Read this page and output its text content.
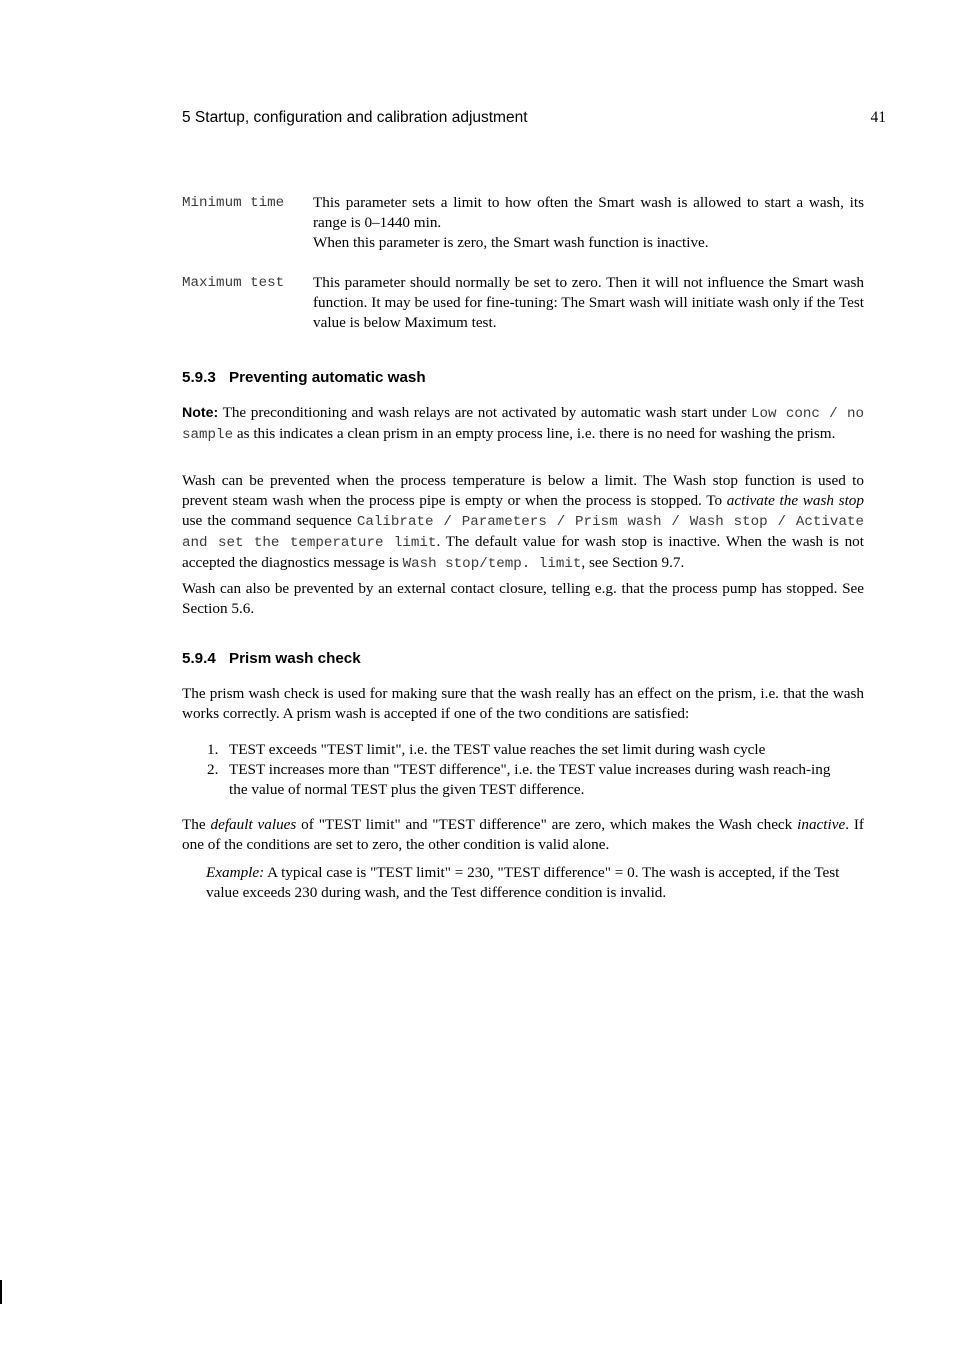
5 Startup, configuration and calibration adjustment	41
Minimum time This parameter sets a limit to how often the Smart wash is allowed to start a wash, its range is 0–1440 min.

When this parameter is zero, the Smart wash function is inactive.

Maximum test This parameter should normally be set to zero. Then it will not influence the Smart wash function. It may be used for fine-tuning: The Smart wash will initiate wash only if the Test value is below Maximum test.

5.9.3 Preventing automatic wash

Note: The preconditioning and wash relays are not activated by automatic wash start under Low conc / no sample as this indicates a clean prism in an empty process line, i.e. there is no need for washing the prism.

Wash can be prevented when the process temperature is below a limit. The Wash stop function is used to prevent steam wash when the process pipe is empty or when the process is stopped. To activate the wash stop use the command sequence Calibrate / Parameters / Prism wash / Wash stop / Activate and set the temperature limit. The default value for wash stop is inactive. When the wash is not accepted the diagnostics message is Wash stop/temp. limit, see Section 9.7.

Wash can also be prevented by an external contact closure, telling e.g. that the process pump has stopped. See Section 5.6.

5.9.4 Prism wash check

The prism wash check is used for making sure that the wash really has an effect on the prism, i.e. that the wash works correctly. A prism wash is accepted if one of the two conditions are satisfied:

1. TEST exceeds "TEST limit", i.e. the TEST value reaches the set limit during wash cycle
2. TEST increases more than "TEST difference", i.e. the TEST value increases during wash reach-ing the value of normal TEST plus the given TEST difference.

The default values of "TEST limit" and "TEST difference" are zero, which makes the Wash check inactive. If one of the conditions are set to zero, the other condition is valid alone.

Example: A typical case is "TEST limit" = 230, "TEST difference" = 0. The wash is accepted, if the Test value exceeds 230 during wash, and the Test difference condition is invalid.
